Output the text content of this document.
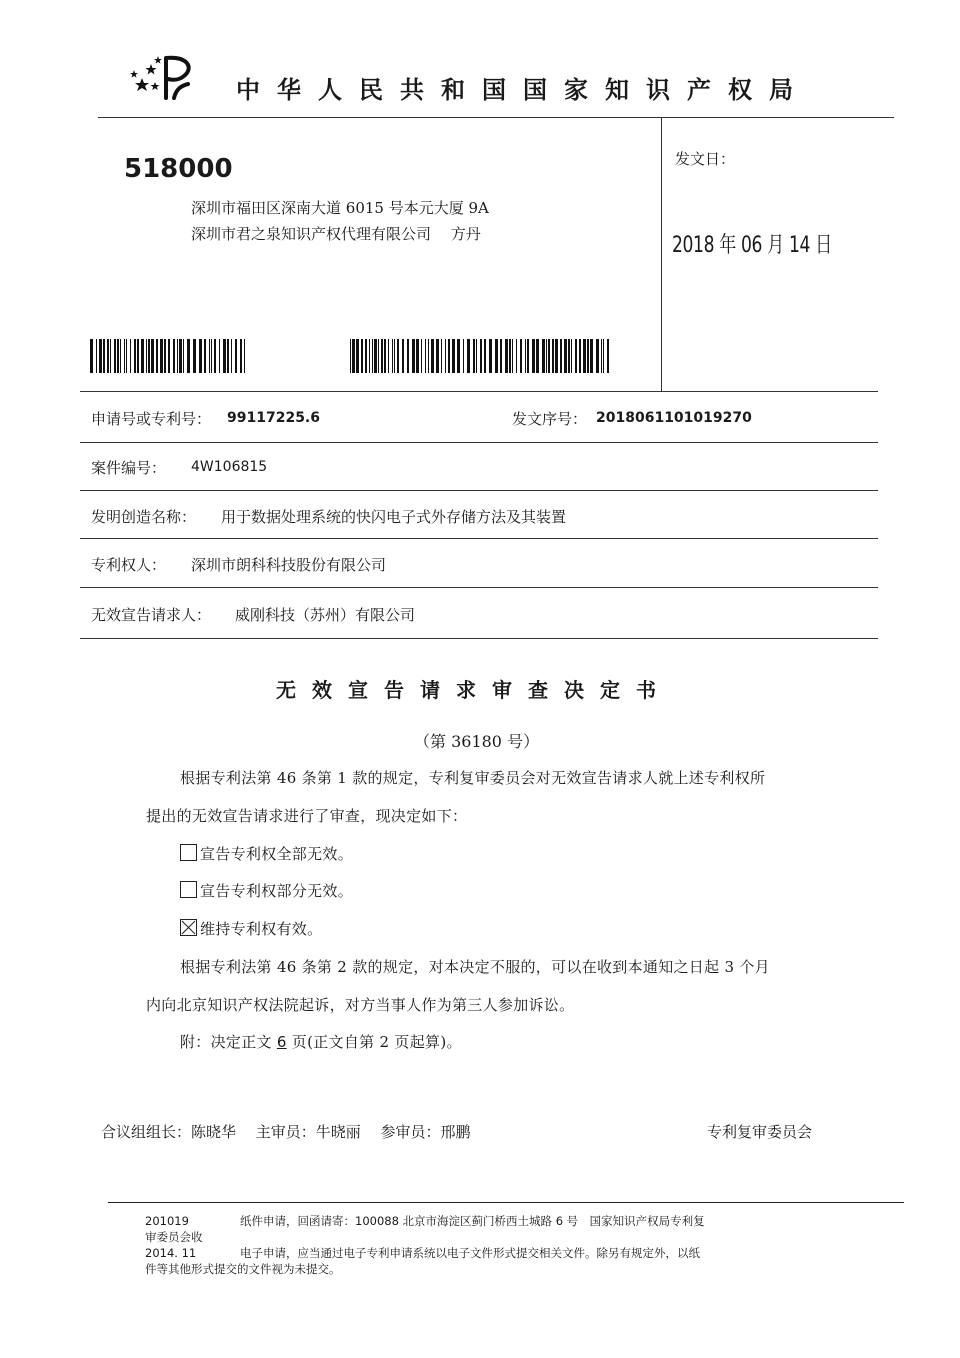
中华人民共和国国家知识产权局
518000
深圳市福田区深南大道 6015 号本元大厦 9A
深圳市君之泉知识产权代理有限公司　 方丹
发文日：
2018 年 06 月 14 日
申请号或专利号： 99117225.6	发文序号： 2018061101019270
案件编号： 4W106815
发明创造名称： 用于数据处理系统的快闪电子式外存储方法及其装置
专利权人： 深圳市朗科科技股份有限公司
无效宣告请求人： 威刚科技（苏州）有限公司
无效宣告请求审查决定书
（第 36180 号）
根据专利法第 46 条第 1 款的规定，专利复审委员会对无效宣告请求人就上述专利权所
提出的无效宣告请求进行了审查，现决定如下：
宣告专利权全部无效。
宣告专利权部分无效。
维持专利权有效。
根据专利法第 46 条第 2 款的规定，对本决定不服的，可以在收到本通知之日起 3 个月
内向北京知识产权法院起诉，对方当事人作为第三人参加诉讼。
附：决定正文 6 页(正文自第 2 页起算)。
合议组组长：陈晓华　 主审员：牛晓丽　 参审员：邢鹏	专利复审委员会
201019	纸件申请，回函请寄：100088 北京市海淀区蓟门桥西土城路 6 号　国家知识产权局专利复
审委员会收
2014. 11	电子申请，应当通过电子专利申请系统以电子文件形式提交相关文件。除另有规定外，以纸
件等其他形式提交的文件视为未提交。
